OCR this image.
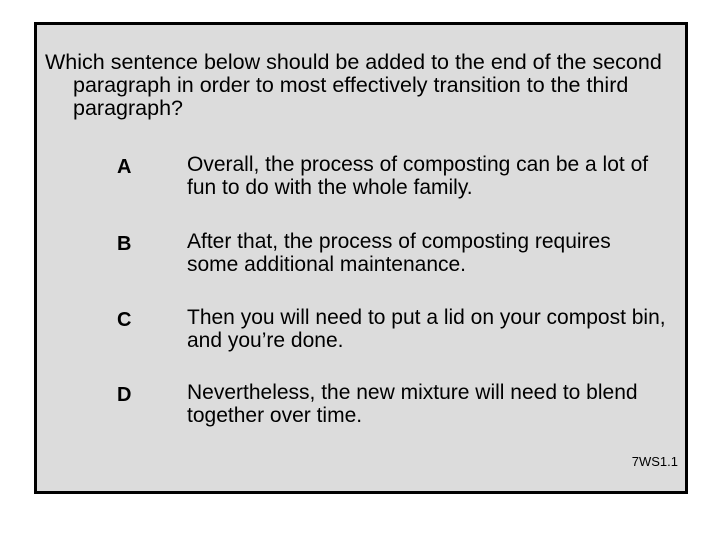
Which sentence below should be added to the end of the second paragraph in order to most effectively transition to the third paragraph?

A	Overall, the process of composting can be a lot of fun to do with the whole family.
B	After that, the process of composting requires some additional maintenance.
C	Then you will need to put a lid on your compost bin, and you’re done.
D	Nevertheless, the new mixture will need to blend together over time.
7WS1.1
